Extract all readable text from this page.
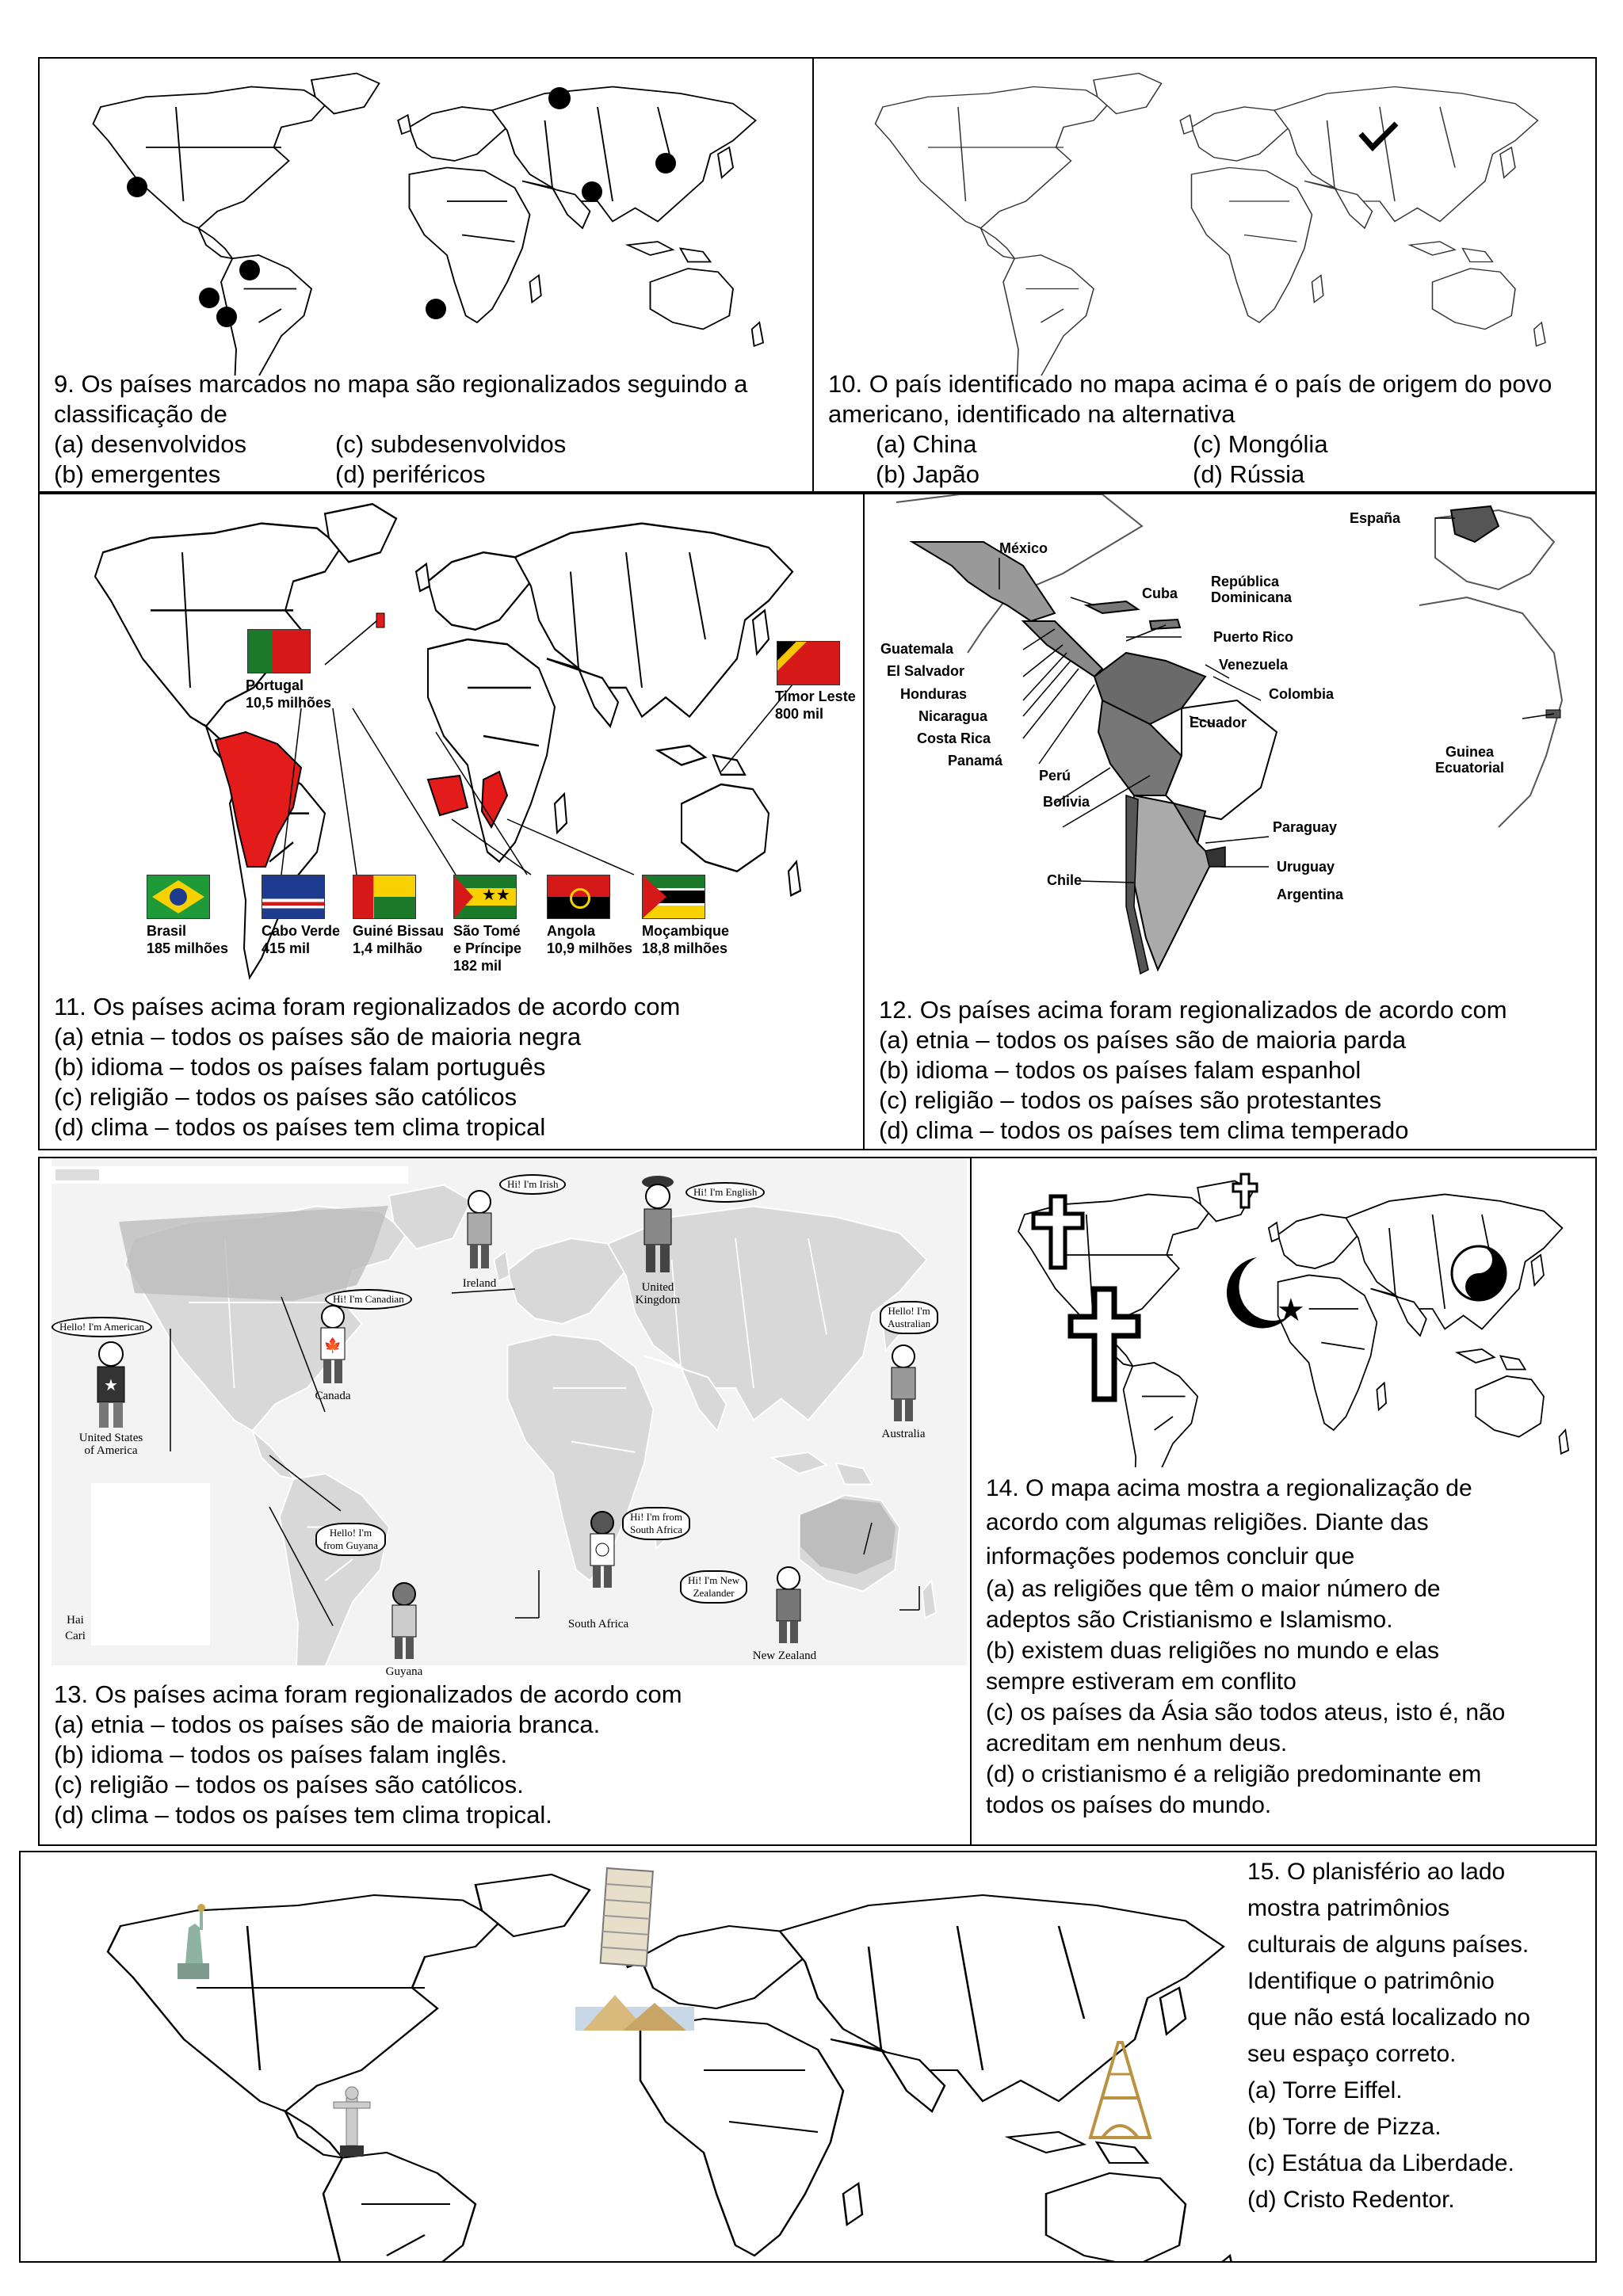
9. Os países marcados no mapa são regionalizados seguindo a classificação de

(a) desenvolvidos	(c) subdesenvolvidos
(b) emergentes	(d) periféricos

10. O país identificado no mapa acima é o país de origem do povo americano, identificado na alternativa

(a) China	(c) Mongólia
(b) Japão	(d) Rússia
Portugal
10,5 milhões	Timor Leste
800 mil
Brasil
185 milhões
Cabo Verde
415 mil
Guiné Bissau
1,4 milhão
★★
São Tomé
e Príncipe
182 mil
Angola
10,9 milhões
Moçambique
18,8 milhões

11. Os países acima foram regionalizados de acordo com

(a) etnia – todos os países são de maioria negra

(b) idioma – todos os países falam português

(c) religião – todos os países são católicos

(d) clima – todos os países tem clima tropical

España
México
Cuba
República
Dominicana
Puerto Rico
Guatemala
El Salvador
Honduras
Nicaragua
Costa Rica
Panamá
Venezuela
Colombia
Ecuador
Perú
Bolivia
Paraguay
Uruguay
Chile
Argentina
Guinea
Ecuatorial

12. Os países acima foram regionalizados de acordo com

(a) etnia – todos os países são de maioria parda

(b) idioma – todos os países falam espanhol

(c) religião – todos os países são protestantes

(d) clima – todos os países tem clima temperado

Hi! I'm Irish
Ireland
Hi! I'm English
United
Kingdom
🍁
Hi! I'm Canadian
Canada
★
Hello! I'm American
United States
of America
Hello! I'm
Australian
Australia
Hello! I'm
from Guyana
Guyana
Hi! I'm from
South Africa
South Africa
Hi! I'm New
Zealander
New Zealand
Hai
Cari

13. Os países acima foram regionalizados de acordo com

(a) etnia – todos os países são de maioria branca.

(b) idioma – todos os países falam inglês.

(c) religião – todos os países são católicos.

(d) clima – todos os países tem clima tropical.

★
14. O mapa acima mostra a regionalização de
acordo com algumas religiões. Diante das
informações podemos concluir que
(a) as religiões que têm o maior número de
adeptos são Cristianismo e Islamismo.
(b) existem duas religiões no mundo e elas
sempre estiveram em conflito
(c) os países da Ásia são todos ateus, isto é, não
acreditam em nenhum deus.
(d) o cristianismo é a religião predominante em
todos os países do mundo.
15. O planisfério ao lado
mostra patrimônios
culturais de alguns países.
Identifique o patrimônio
que não está localizado no
seu espaço correto.
(a) Torre Eiffel.
(b) Torre de Pizza.
(c) Estátua da Liberdade.
(d) Cristo Redentor.
